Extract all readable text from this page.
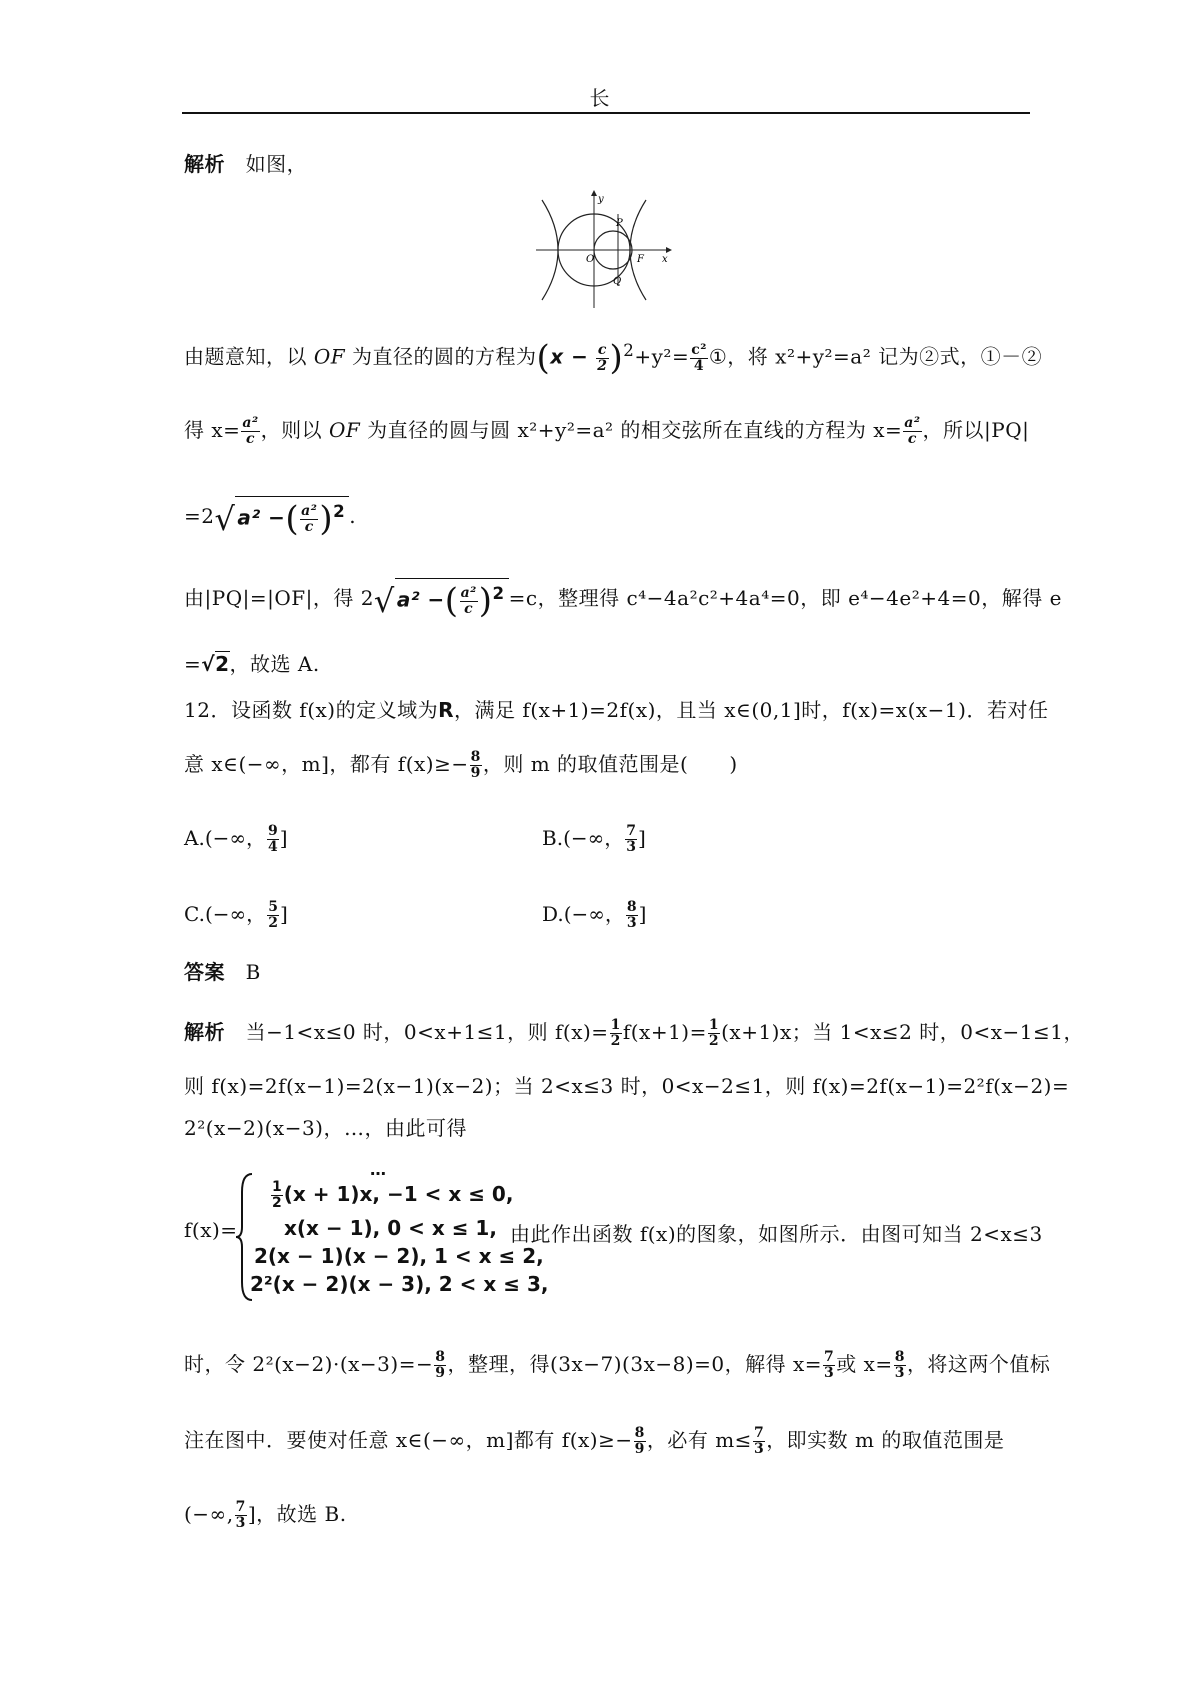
长
解析 如图，
y
x
O
P
F
Q
由题意知，以 OF 为直径的圆的方程为$(x - \frac{c}{2} )^2+y^2= \frac{\text{c²}}{4}$ ①，将 x²+y²=a² 记为②式，①－②
得 $x= \frac{\text{a²}}{c}$ ，则以 OF 为直径的圆与圆 x²+y²=a² 的相交弦所在直线的方程为 $x= \frac{\text{a²}}{c}$ ，所以|PQ|
=2√ a² −( $\frac{\text{a²}}{c} )^2$ .
由|PQ|=|OF|，得 2√ a² −( $\frac{\text{a²}}{c} )^2 =c$，整理得 c⁴−4a²c²+4a⁴=0，即 e⁴−4e²+4=0，解得 e
=√2，故选 A.
12．设函数 f(x)的定义域为R，满足 f(x+1)=2f(x)，且当 x∈(0,1]时，f(x)=x(x−1)．若对任
意 x∈(−∞，m]，都有 $f(x)\ge- \frac{8}{9}$ ，则 m 的取值范围是(　　)
A.(−∞， $\frac{9}{4}$ ]	B.(−∞， $\frac{7}{3}$ ]
C.(−∞， $\frac{5}{2}$ ]	D.(−∞， $\frac{8}{3}$ ]
答案 B
解析 当−1<x≤0 时，0<x+1≤1，则 $f(x)= \frac{1}{2} f(x+1)= \frac{1}{2} (x+1)x$；当 1<x≤2 时，0<x−1≤1，
则 f(x)=2f(x−1)=2(x−1)(x−2)；当 2<x≤3 时，0<x−2≤1，则 f(x)=2f(x−1)=2²f(x−2)=
2²(x−2)(x−3)，…，由此可得
f(x)=
…
$\frac{1}{2} (x + 1)x$, −1 < x ≤ 0,
x(x − 1), 0 < x ≤ 1,
2(x − 1)(x − 2), 1 < x ≤ 2,
2²(x − 2)(x − 3), 2 < x ≤ 3,
由此作出函数 f(x)的图象，如图所示．由图可知当 2<x≤3
时，令 $2^2(x-2)\cdot(x-3)=- \frac{8}{9}$ ，整理，得(3x−7)(3x−8)=0，解得 $x= \frac{7}{3}$ 或 $x= \frac{8}{3}$ ，将这两个值标
注在图中．要使对任意 x∈(−∞，m]都有 $f(x)\ge- \frac{8}{9}$ ，必有 $m\le \frac{7}{3}$ ，即实数 m 的取值范围是
(−∞, $\frac{7}{3}$ ]，故选 B.
